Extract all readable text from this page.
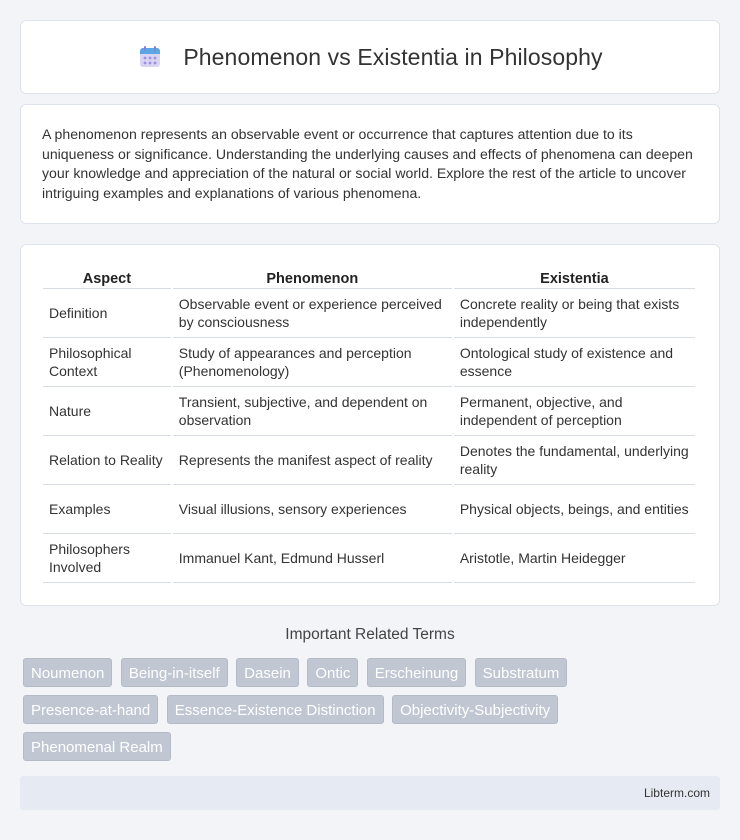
Phenomenon vs Existentia in Philosophy

A phenomenon represents an observable event or occurrence that captures attention due to its uniqueness or significance. Understanding the underlying causes and effects of phenomena can deepen your knowledge and appreciation of the natural or social world. Explore the rest of the article to uncover intriguing examples and explanations of various phenomena.

Aspect	Phenomenon	Existentia
Definition	Observable event or experience perceived by consciousness	Concrete reality or being that exists independently
Philosophical Context	Study of appearances and perception (Phenomenology)	Ontological study of existence and essence
Nature	Transient, subjective, and dependent on observation	Permanent, objective, and independent of perception
Relation to Reality	Represents the manifest aspect of reality	Denotes the fundamental, underlying reality
Examples	Visual illusions, sensory experiences	Physical objects, beings, and entities
Philosophers Involved	Immanuel Kant, Edmund Husserl	Aristotle, Martin Heidegger
Important Related Terms
Noumenon Being-in-itself Dasein Ontic Erscheinung Substratum Presence-at-hand Essence-Existence Distinction Objectivity-Subjectivity Phenomenal Realm
Libterm.com
